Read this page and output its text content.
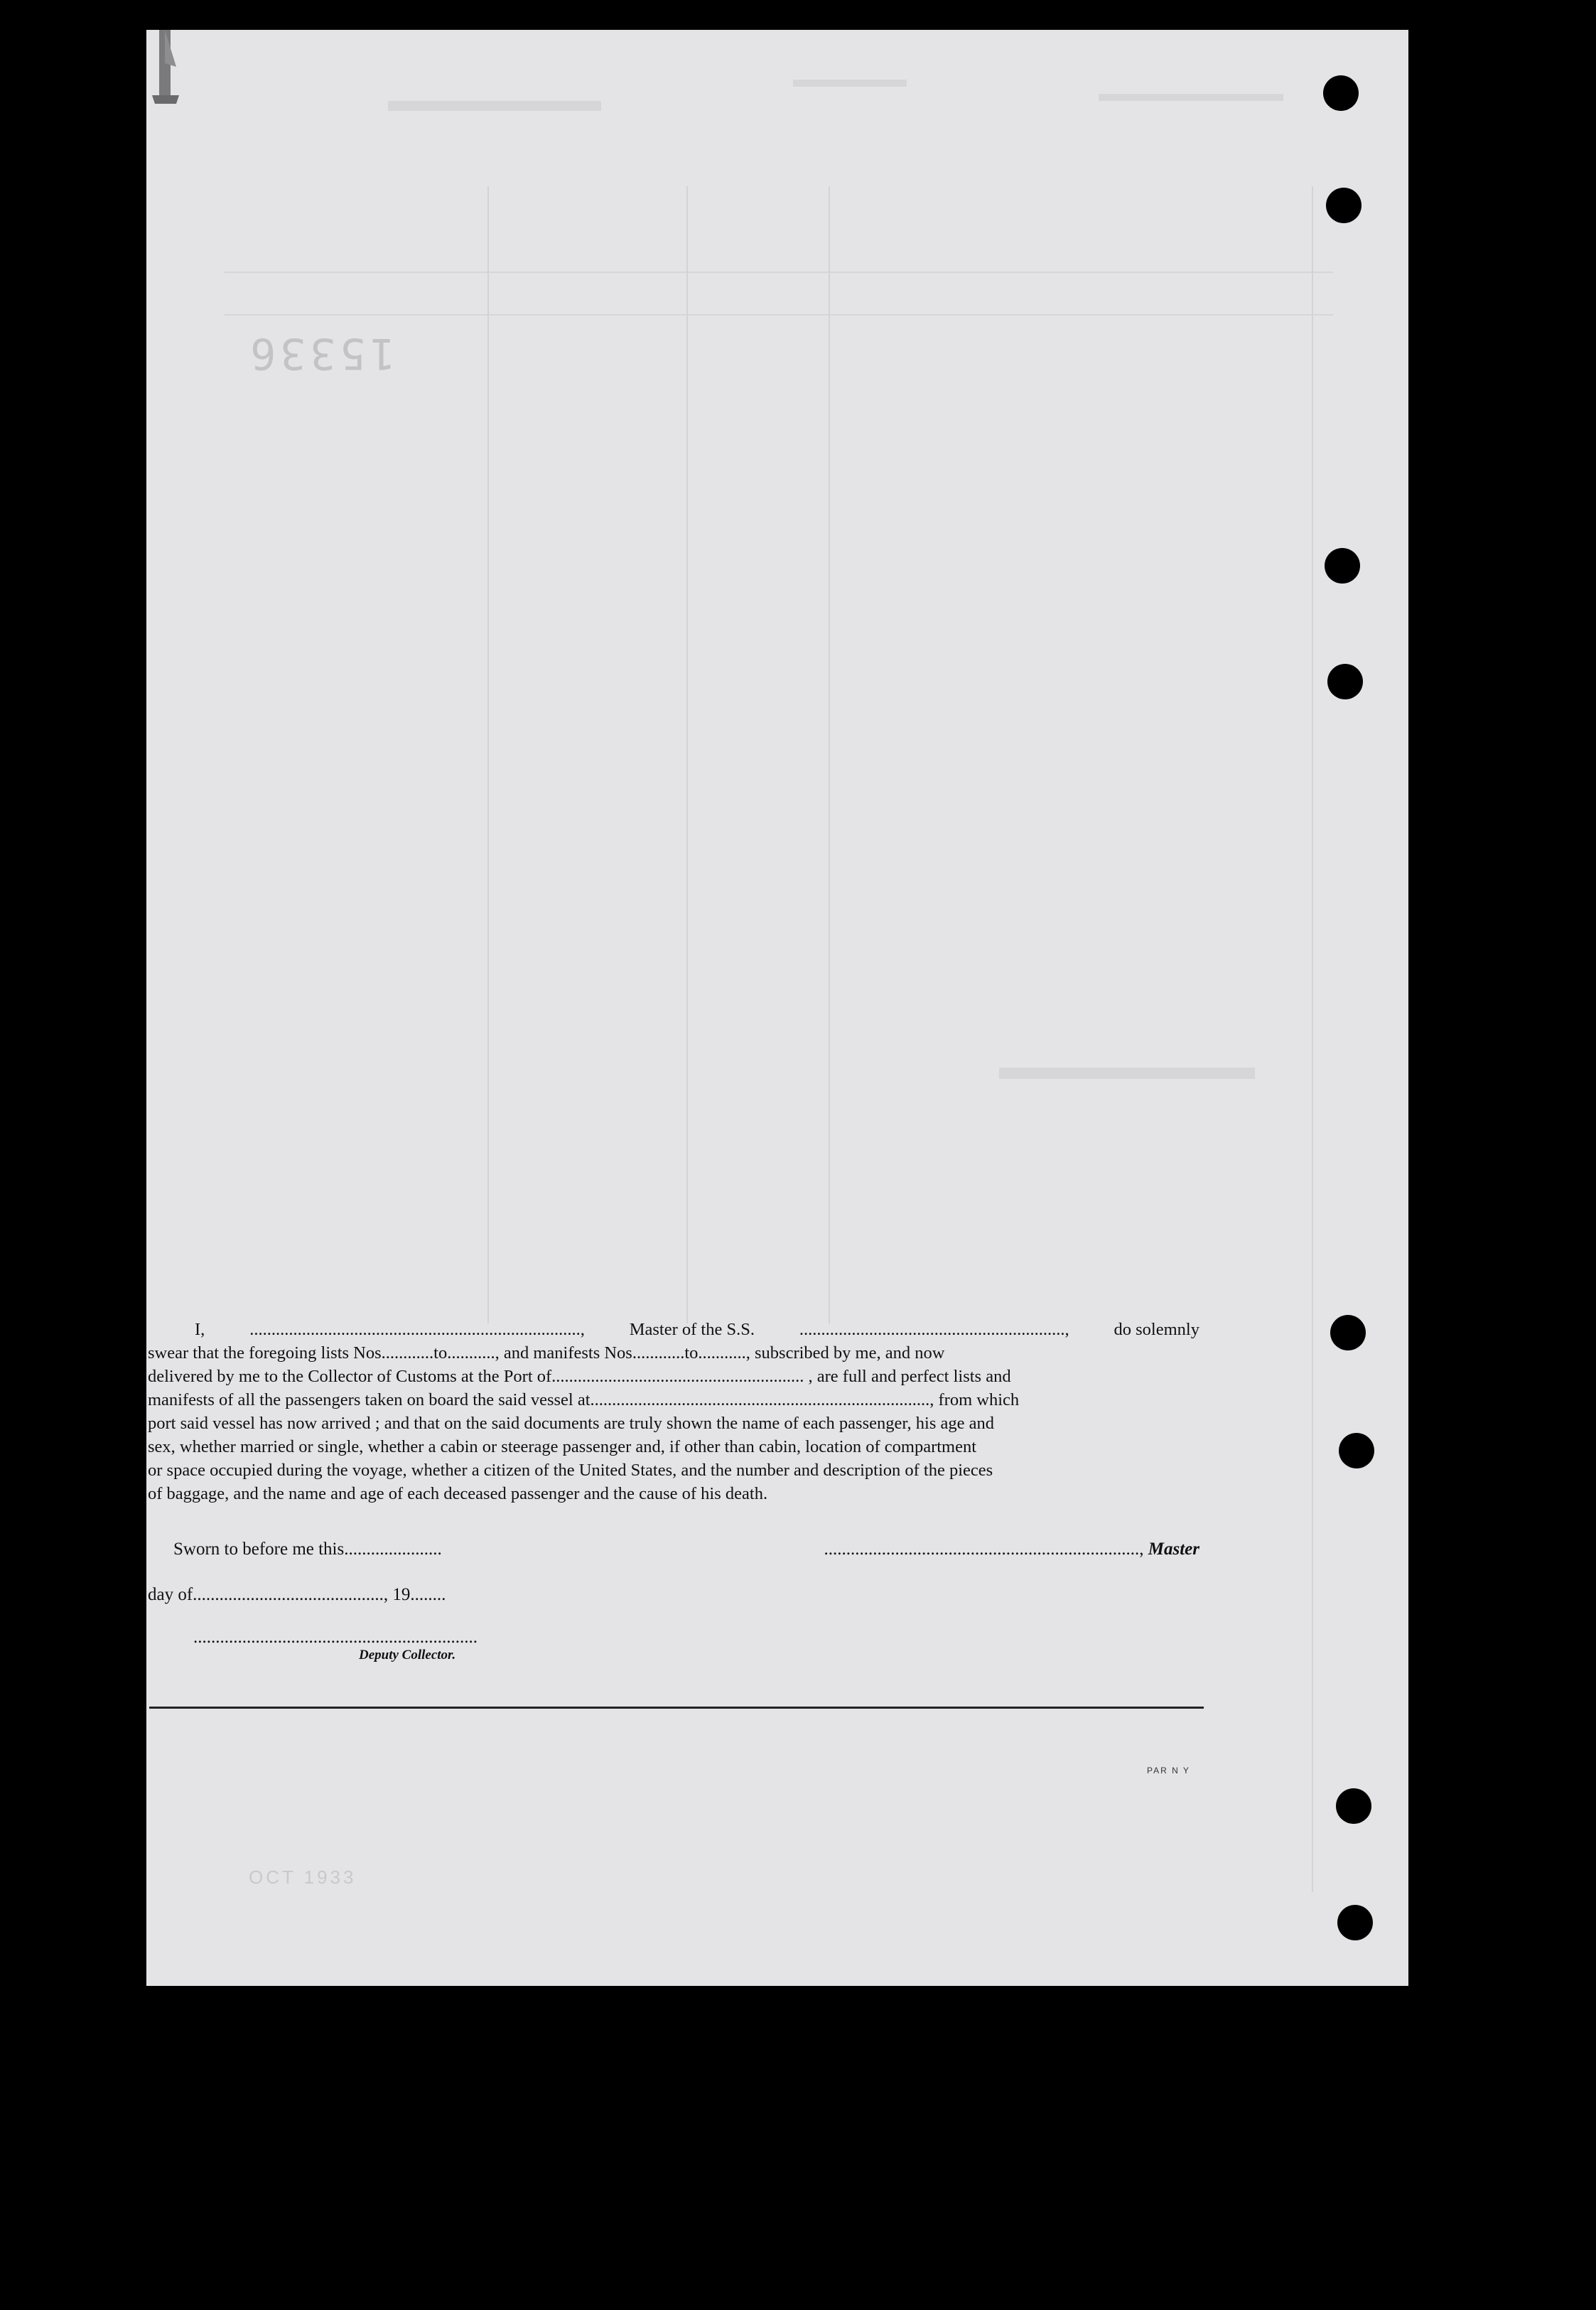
15336
I,	............................................................................,	Master of the S.S.	.............................................................,	do solemnly
swear that the foregoing lists Nos............to..........., and manifests Nos............to..........., subscribed by me, and now
delivered by me to the Collector of Customs at the Port of.......................................................... , are full and perfect lists and
manifests of all the passengers taken on board the said vessel at.............................................................................., from which
port said vessel has now arrived ; and that on the said documents are truly shown the name of each passenger, his age and
sex, whether married or single, whether a cabin or steerage passenger and, if other than cabin, location of compartment
or space occupied during the voyage, whether a citizen of the United States, and the number and description of the pieces
of baggage, and the name and age of each deceased passenger and the cause of his death.
Sworn to before me this......................	......................................................................., Master
day of..........................................., 19........
................................................................
Deputy Collector.
PAR N Y
OCT 1933
